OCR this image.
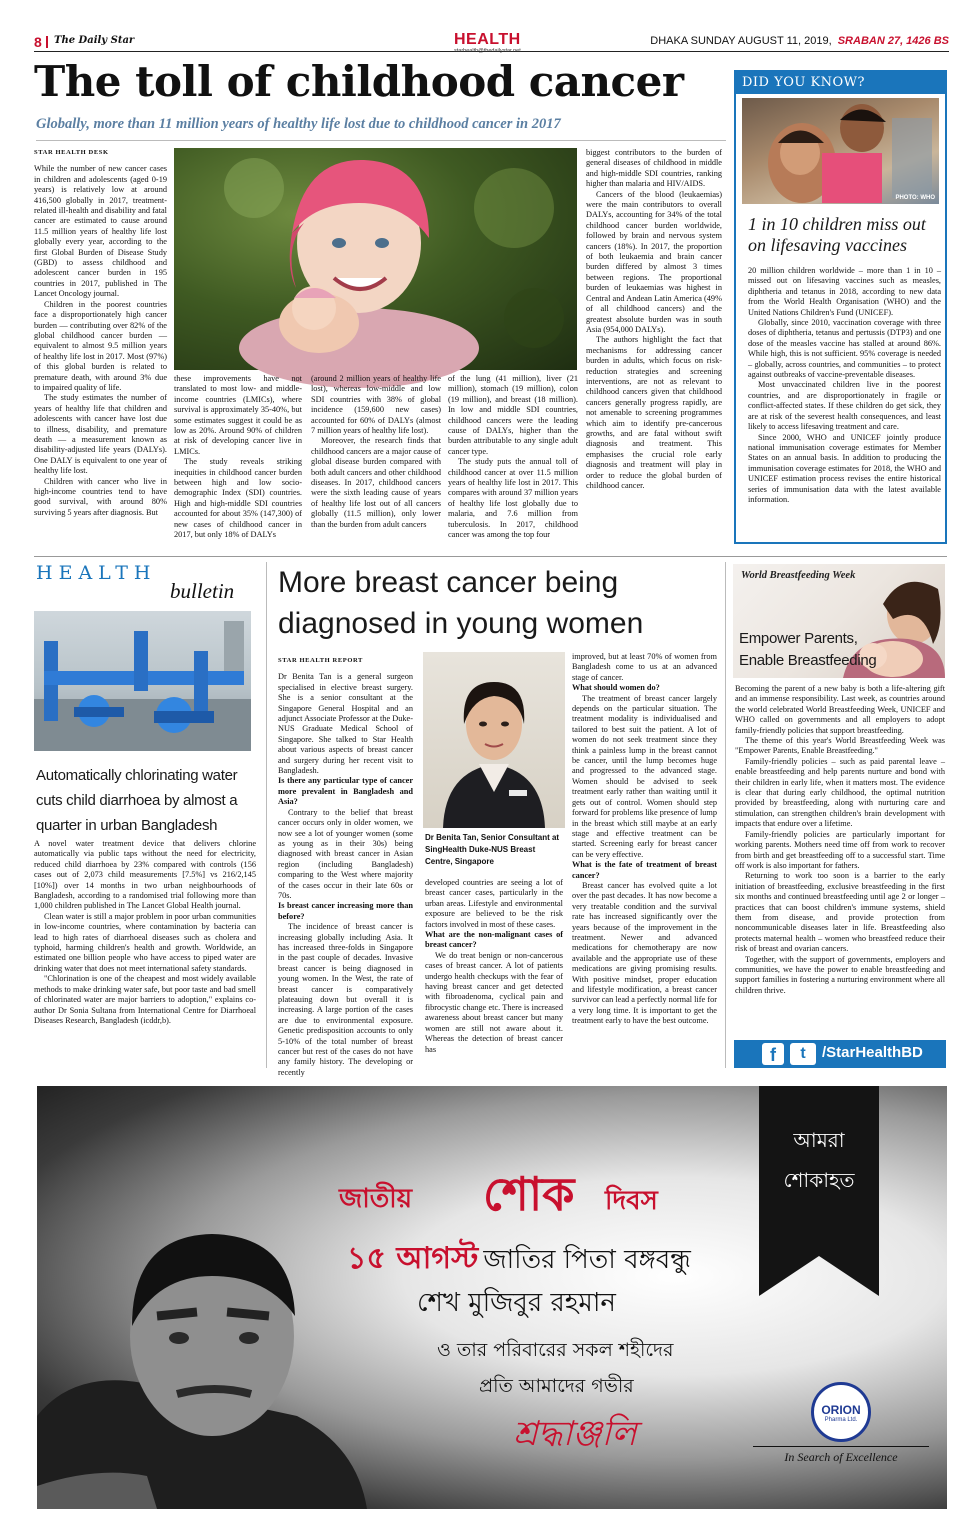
8 The Daily Star	HEALTH
starhealth@thedailystar.net
DHAKA SUNDAY AUGUST 11, 2019, SRABAN 27, 1426 BS
The toll of childhood cancer
Globally, more than 11 million years of healthy life lost due to childhood cancer in 2017
STAR HEALTH DESK

While the number of new cancer cases in children and adolescents (aged 0-19 years) is relatively low at around 416,500 globally in 2017, treatment-related ill-health and disability and fatal cancer are estimated to cause around 11.5 million years of healthy life lost globally every year, according to the first Global Burden of Disease Study (GBD) to assess childhood and adolescent cancer burden in 195 countries in 2017, published in The Lancet Oncology journal.

Children in the poorest countries face a disproportionately high cancer burden — contributing over 82% of the global childhood cancer burden — equivalent to almost 9.5 million years of healthy life lost in 2017. Most (97%) of this global burden is related to premature death, with around 3% due to impaired quality of life.

The study estimates the number of years of healthy life that children and adolescents with cancer have lost due to illness, disability, and premature death — a measurement known as disability-adjusted life years (DALYs). One DALY is equivalent to one year of healthy life lost.

Children with cancer who live in high-income countries tend to have good survival, with around 80% surviving 5 years after diagnosis. But

these improvements have not translated to most low- and middle-income countries (LMICs), where survival is approximately 35-40%, but some estimates suggest it could be as low as 20%. Around 90% of children at risk of developing cancer live in LMICs.

The study reveals striking inequities in childhood cancer burden between high and low socio-demographic Index (SDI) countries. High and high-middle SDI countries accounted for about 35% (147,300) of new cases of childhood cancer in 2017, but only 18% of DALYs

(around 2 million years of healthy life lost), whereas low-middle and low SDI countries with 38% of global incidence (159,600 new cases) accounted for 60% of DALYs (almost 7 million years of healthy life lost).

Moreover, the research finds that childhood cancers are a major cause of global disease burden compared with both adult cancers and other childhood diseases. In 2017, childhood cancers were the sixth leading cause of years of healthy life lost out of all cancers globally (11.5 million), only lower than the burden from adult cancers

of the lung (41 million), liver (21 million), stomach (19 million), colon (19 million), and breast (18 million). In low and middle SDI countries, childhood cancers were the leading cause of DALYs, higher than the burden attributable to any single adult cancer type.

The study puts the annual toll of childhood cancer at over 11.5 million years of healthy life lost in 2017. This compares with around 37 million years of healthy life lost globally due to malaria, and 7.6 million from tuberculosis. In 2017, childhood cancer was among the top four

biggest contributors to the burden of general diseases of childhood in middle and high-middle SDI countries, ranking higher than malaria and HIV/AIDS.

Cancers of the blood (leukaemias) were the main contributors to overall DALYs, accounting for 34% of the total childhood cancer burden worldwide, followed by brain and nervous system cancers (18%). In 2017, the proportion of both leukaemia and brain cancer burden differed by almost 3 times between regions. The proportional burden of leukaemias was highest in Central and Andean Latin America (49% of all childhood cancers) and the greatest absolute burden was in south Asia (954,000 DALYs).

The authors highlight the fact that mechanisms for addressing cancer burden in adults, which focus on risk-reduction strategies and screening interventions, are not as relevant to childhood cancers given that childhood cancers generally progress rapidly, are not amenable to screening programmes which aim to identify pre-cancerous growths, and are fatal without swift diagnosis and treatment. This emphasises the crucial role early diagnosis and treatment will play in order to reduce the global burden of childhood cancer.

DID YOU KNOW?
PHOTO: WHO
1 in 10 children miss out on lifesaving vaccines

20 million children worldwide – more than 1 in 10 – missed out on lifesaving vaccines such as measles, diphtheria and tetanus in 2018, according to new data from the World Health Organisation (WHO) and the United Nations Children's Fund (UNICEF).

Globally, since 2010, vaccination coverage with three doses of diphtheria, tetanus and pertussis (DTP3) and one dose of the measles vaccine has stalled at around 86%. While high, this is not sufficient. 95% coverage is needed – globally, across countries, and communities – to protect against outbreaks of vaccine-preventable diseases.

Most unvaccinated children live in the poorest countries, and are disproportionately in fragile or conflict-affected states. If these children do get sick, they are at risk of the severest health consequences, and least likely to access lifesaving treatment and care.

Since 2000, WHO and UNICEF jointly produce national immunisation coverage estimates for Member States on an annual basis. In addition to producing the immunisation coverage estimates for 2018, the WHO and UNICEF estimation process revises the entire historical series of immunisation data with the latest available information.

HEALTH
bulletin
Automatically chlorinating water cuts child diarrhoea by almost a quarter in urban Bangladesh

A novel water treatment device that delivers chlorine automatically via public taps without the need for electricity, reduced child diarrhoea by 23% compared with controls (156 cases out of 2,073 child measurements [7.5%] vs 216/2,145 [10%]) over 14 months in two urban neighbourhoods of Bangladesh, according to a randomised trial following more than 1,000 children published in The Lancet Global Health journal.

Clean water is still a major problem in poor urban communities in low-income countries, where contamination by bacteria can lead to high rates of diarrhoeal diseases such as cholera and typhoid, harming children's health and growth. Worldwide, an estimated one billion people who have access to piped water are drinking water that does not meet international safety standards.

"Chlorination is one of the cheapest and most widely available methods to make drinking water safe, but poor taste and bad smell of chlorinated water are major barriers to adoption," explains co-author Dr Sonia Sultana from International Centre for Diarrhoeal Diseases Research, Bangladesh (icddr,b).

More breast cancer being
diagnosed in young women
STAR HEALTH REPORT

Dr Benita Tan is a general surgeon specialised in elective breast surgery. She is a senior consultant at the Singapore General Hospital and an adjunct Associate Professor at the Duke-NUS Graduate Medical School of Singapore. She talked to Star Health about various aspects of breast cancer and surgery during her recent visit to Bangladesh.

Is there any particular type of cancer more prevalent in Bangladesh and Asia?

Contrary to the belief that breast cancer occurs only in older women, we now see a lot of younger women (some as young as in their 30s) being diagnosed with breast cancer in Asian region (including Bangladesh) comparing to the West where majority of the cases occur in their late 60s or 70s.

Is breast cancer increasing more than before?

The incidence of breast cancer is increasing globally including Asia. It has increased three-folds in Singapore in the past couple of decades. Invasive breast cancer is being diagnosed in young women. In the West, the rate of breast cancer is comparatively plateauing down but overall it is increasing. A large portion of the cases are due to environmental exposure. Genetic predisposition accounts to only 5-10% of the total number of breast cancer but rest of the cases do not have any family history. The developing or recently

Dr Benita Tan, Senior Consultant at SingHealth Duke-NUS Breast Centre, Singapore

developed countries are seeing a lot of breast cancer cases, particularly in the urban areas. Lifestyle and environmental exposure are believed to be the risk factors involved in most of these cases.

What are the non-malignant cases of breast cancer?

We do treat benign or non-cancerous cases of breast cancer. A lot of patients undergo health checkups with the fear of having breast cancer and get detected with fibroadenoma, cyclical pain and fibrocystic change etc. There is increased awareness about breast cancer but many women are still not aware about it. Whereas the detection of breast cancer has

improved, but at least 70% of women from Bangladesh come to us at an advanced stage of cancer.

What should women do?

The treatment of breast cancer largely depends on the particular situation. The treatment modality is individualised and tailored to best suit the patient. A lot of women do not seek treatment since they think a painless lump in the breast cannot be cancer, until the lump becomes huge and progressed to the advanced stage. Women should be advised to seek treatment early rather than waiting until it gets out of control. Women should step forward for problems like presence of lump in the breast which still maybe at an early stage and effective treatment can be started. Screening early for breast cancer can be very effective.

What is the fate of treatment of breast cancer?

Breast cancer has evolved quite a lot over the past decades. It has now become a very treatable condition and the survival rate has increased significantly over the years because of the improvement in the treatment. Newer and advanced medications for chemotherapy are now available and the appropriate use of these medications are giving promising results. With positive mindset, proper education and lifestyle modification, a breast cancer survivor can lead a perfectly normal life for a very long time. It is important to get the treatment early to have the best outcome.

World Breastfeeding Week
Empower Parents,
Enable Breastfeeding

Becoming the parent of a new baby is both a life-altering gift and an immense responsibility. Last week, as countries around the world celebrated World Breastfeeding Week, UNICEF and WHO called on governments and all employers to adopt family-friendly policies that support breastfeeding.

The theme of this year's World Breastfeeding Week was "Empower Parents, Enable Breastfeeding."

Family-friendly policies – such as paid parental leave – enable breastfeeding and help parents nurture and bond with their children in early life, when it matters most. The evidence is clear that during early childhood, the optimal nutrition provided by breastfeeding, along with nurturing care and stimulation, can strengthen children's brain development with impacts that endure over a lifetime.

Family-friendly policies are particularly important for working parents. Mothers need time off from work to recover from birth and get breastfeeding off to a successful start. Time off work is also important for fathers.

Returning to work too soon is a barrier to the early initiation of breastfeeding, exclusive breastfeeding in the first six months and continued breastfeeding until age 2 or longer – practices that can boost children's immune systems, shield them from disease, and provide protection from noncommunicable diseases later in life. Breastfeeding also protects maternal health – women who breastfeed reduce their risk of breast and ovarian cancers.

Together, with the support of governments, employers and communities, we have the power to enable breastfeeding and support families in fostering a nurturing environment where all children thrive.

f	t	/StarHealthBD
আমরা
শোকাহত
জাতীয় শোক দিবস
১৫ আগস্ট জাতির পিতা বঙ্গবন্ধু
শেখ মুজিবুর রহমান
ও তার পরিবারের সকল শহীদের
প্রতি আমাদের গভীর
শ্রদ্ধাঞ্জলি
ORION
Pharma Ltd.
In Search of Excellence
